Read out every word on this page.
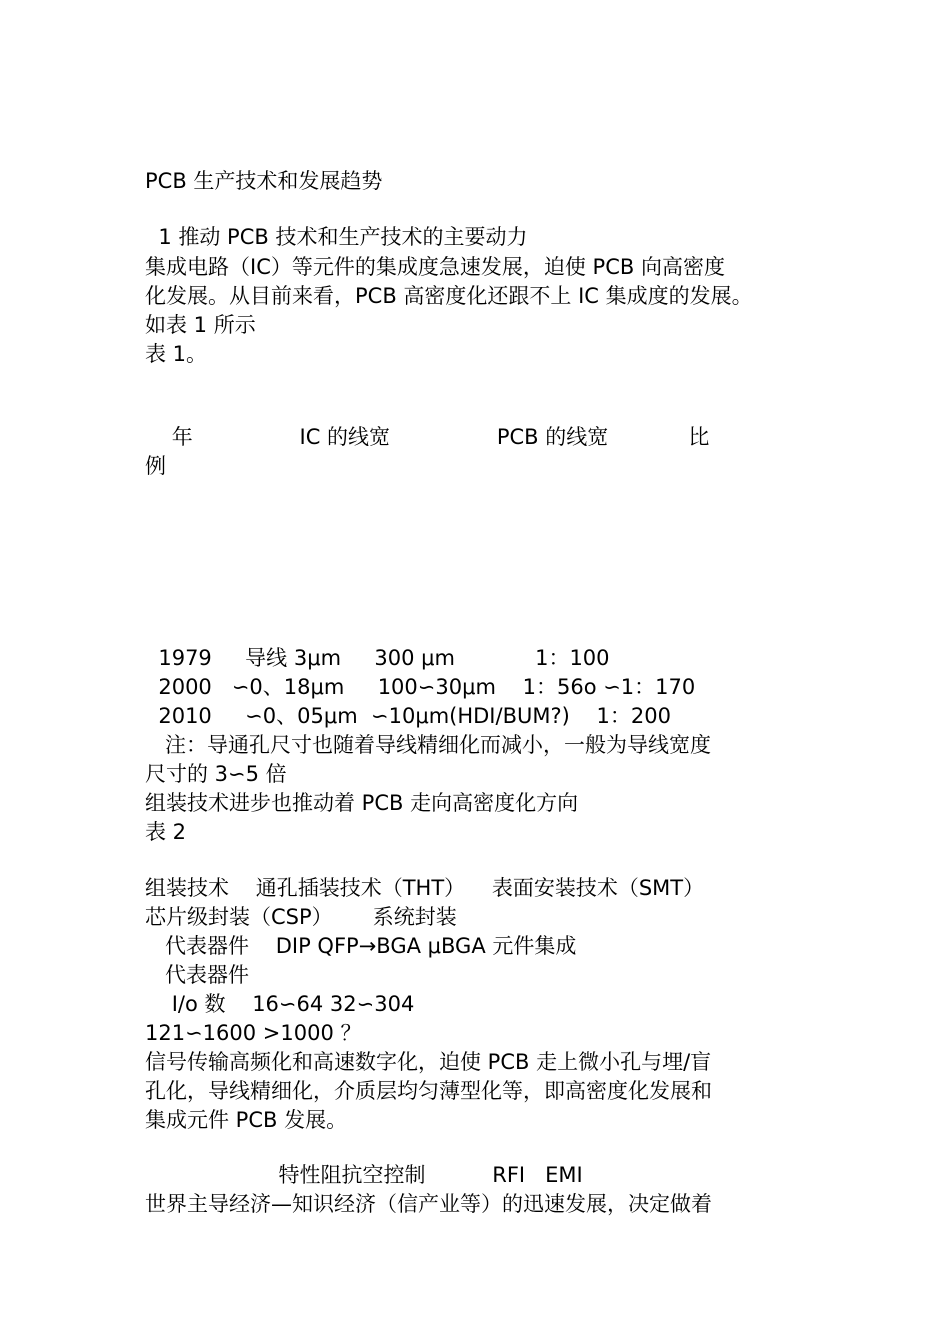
PCB 生产技术和发展趋势
1 推动 PCB 技术和生产技术的主要动力
集成电路（IC）等元件的集成度急速发展，迫使 PCB 向高密度
化发展。从目前来看，PCB 高密度化还跟不上 IC 集成度的发展。
如表 1 所示
表 1。
年                IC 的线宽                PCB 的线宽            比
例
1979     导线 3μm     300 μm            1：100
2000   ∽0、18μm     100∽30μm    1：56o ∽1：170
2010     ∽0、05μm  ∽10μm(HDI/BUM?)    1：200
注：导通孔尺寸也随着导线精细化而减小，一般为导线宽度
尺寸的 3∽5 倍
组装技术进步也推动着 PCB 走向高密度化方向
表 2
组装技术    通孔插装技术（THT）    表面安装技术（SMT）
芯片级封装（CSP）      系统封装
代表器件    DIP QFP→BGA μBGA 元件集成
代表器件
I/o 数    16∽64 32∽304
121∽1600 >1000 ？
信号传输高频化和高速数字化，迫使 PCB 走上微小孔与埋/盲
孔化，导线精细化，介质层均匀薄型化等，即高密度化发展和
集成元件 PCB 发展。
特性阻抗空控制          RFI   EMI
世界主导经济—知识经济（信产业等）的迅速发展，决定做着
